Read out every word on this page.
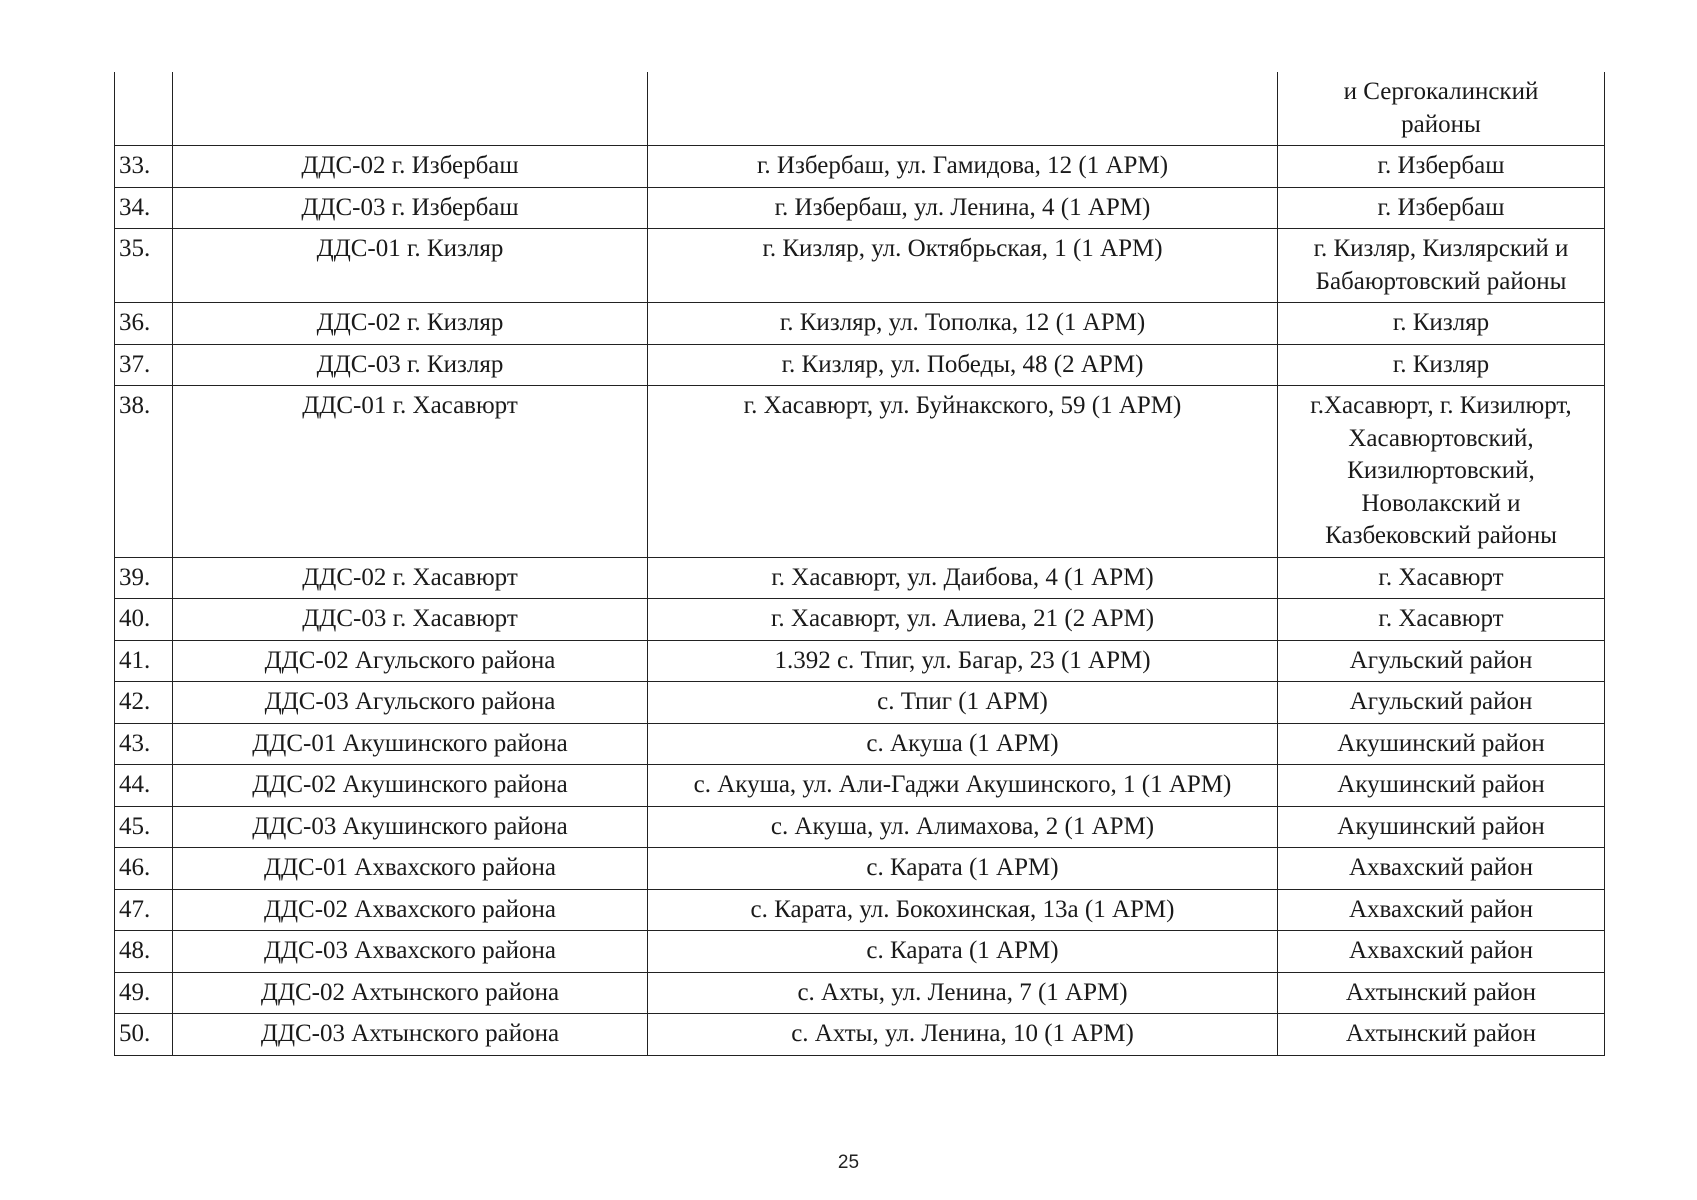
			и Сергокалинский
районы
33.	ДДС-02 г. Избербаш	г. Избербаш, ул. Гамидова, 12 (1 АРМ)	г. Избербаш
34.	ДДС-03 г. Избербаш	г. Избербаш, ул. Ленина, 4 (1 АРМ)	г. Избербаш
35.	ДДС-01 г. Кизляр	г. Кизляр, ул. Октябрьская, 1 (1 АРМ)	г. Кизляр, Кизлярский и
Бабаюртовский районы
36.	ДДС-02 г. Кизляр	г. Кизляр, ул. Тополка, 12 (1 АРМ)	г. Кизляр
37.	ДДС-03 г. Кизляр	г. Кизляр, ул. Победы, 48 (2 АРМ)	г. Кизляр
38.	ДДС-01 г. Хасавюрт	г. Хасавюрт, ул. Буйнакского, 59 (1 АРМ)	г.Хасавюрт, г. Кизилюрт,
Хасавюртовский,
Кизилюртовский,
Новолакский и
Казбековский районы
39.	ДДС-02 г. Хасавюрт	г. Хасавюрт, ул. Даибова, 4 (1 АРМ)	г. Хасавюрт
40.	ДДС-03 г. Хасавюрт	г. Хасавюрт, ул. Алиева, 21 (2 АРМ)	г. Хасавюрт
41.	ДДС-02 Агульского района	1.392 с. Тпиг, ул. Багар, 23 (1 АРМ)	Агульский район
42.	ДДС-03 Агульского района	с. Тпиг (1 АРМ)	Агульский район
43.	ДДС-01 Акушинского района	с. Акуша (1 АРМ)	Акушинский район
44.	ДДС-02 Акушинского района	с. Акуша, ул. Али-Гаджи Акушинского, 1 (1 АРМ)	Акушинский район
45.	ДДС-03 Акушинского района	с. Акуша, ул. Алимахова, 2 (1 АРМ)	Акушинский район
46.	ДДС-01 Ахвахского района	с. Карата (1 АРМ)	Ахвахский район
47.	ДДС-02 Ахвахского района	с. Карата, ул. Бокохинская, 13а (1 АРМ)	Ахвахский район
48.	ДДС-03 Ахвахского района	с. Карата (1 АРМ)	Ахвахский район
49.	ДДС-02 Ахтынского района	с. Ахты, ул. Ленина, 7 (1 АРМ)	Ахтынский район
50.	ДДС-03 Ахтынского района	с. Ахты, ул. Ленина, 10 (1 АРМ)	Ахтынский район
25
